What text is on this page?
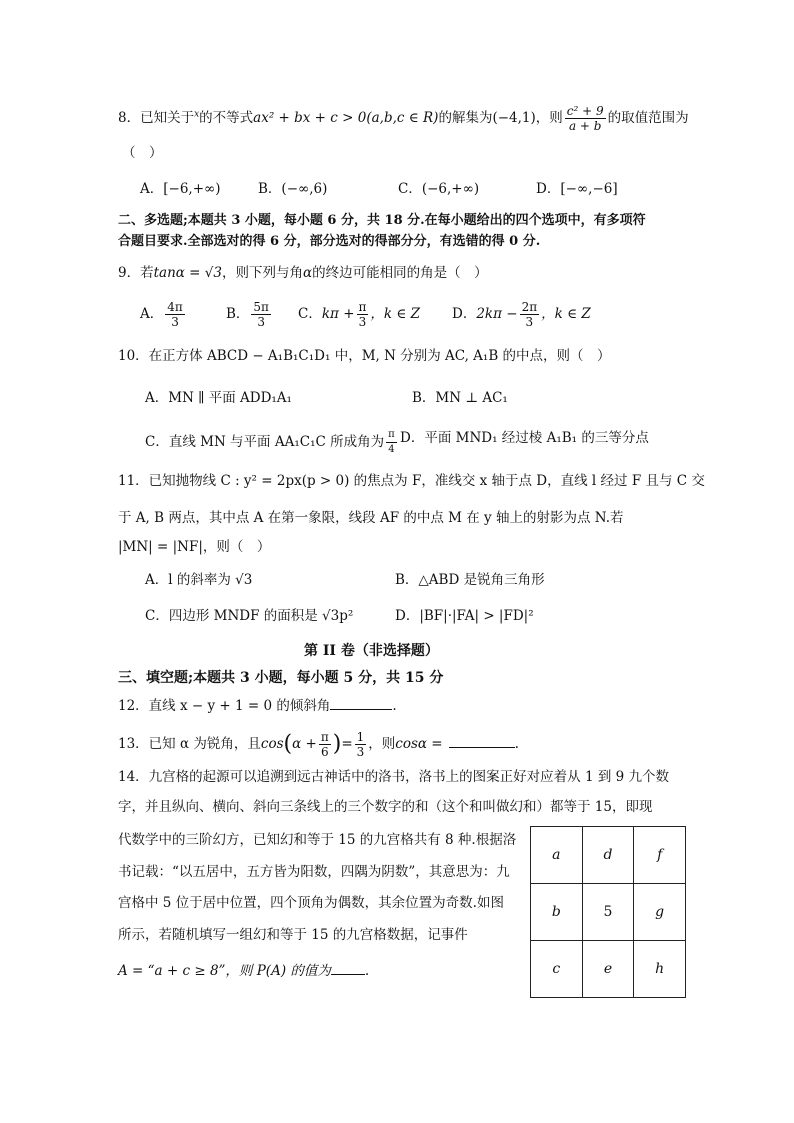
8．已知关于$^x$的不等式ax² + bx + c > 0(a,b,c ∈ R)的解集为(−4,1)，则 $\frac{\text{c² + 9}}{a + b}$ 的取值范围为
（　）
A．[−6,+∞)	B．(−∞,6)	C．(−6,+∞)	D．[−∞,−6]
二、多选题;本题共 3 小题，每小题 6 分，共 18 分.在每小题给出的四个选项中，有多项符
合题目要求.全部选对的得 6 分，部分选对的得部分分，有选错的得 0 分.
9．若tanα = √3，则下列与角α的终边可能相同的角是（　）
A． $\frac{4\pi}{3}$	B． $\frac{5\pi}{3}$ C．$k\pi + \frac{\pi}{3}$ ，k ∈ Z D．$2k\pi - \frac{2\pi}{3}$ ，k ∈ Z
10．在正方体 ABCD − A₁B₁C₁D₁ 中，M, N 分别为 AC, A₁B 的中点，则（　）
A．MN ∥ 平面 ADD₁A₁	B．MN ⊥ AC₁
C．直线 MN 与平面 AA₁C₁C 所成角为 $\frac{\pi}{4}$ D．平面 MND₁ 经过棱 A₁B₁ 的三等分点
11．已知抛物线 C : y² = 2px(p > 0) 的焦点为 F，准线交 x 轴于点 D，直线 l 经过 F 且与 C 交
于 A, B 两点，其中点 A 在第一象限，线段 AF 的中点 M 在 y 轴上的射影为点 N.若
|MN| = |NF|，则（　）
A．l 的斜率为 √3	B．△ABD 是锐角三角形
C．四边形 MNDF 的面积是 √3p²	D．|BF|·|FA| > |FD|²
第 II 卷（非选择题）
三、填空题;本题共 3 小题，每小题 5 分，共 15 分
12．直线 x − y + 1 = 0 的倾斜角	.
13．已知 α 为锐角，且$\cos(\alpha + \frac{\pi}{6}$ )= $\frac{1}{3}$ ，则cosα =	.
14．九宫格的起源可以追溯到远古神话中的洛书，洛书上的图案正好对应着从 1 到 9 九个数
字，并且纵向、横向、斜向三条线上的三个数字的和（这个和叫做幻和）都等于 15，即现
代数学中的三阶幻方，已知幻和等于 15 的九宫格共有 8 种.根据洛
书记载：“以五居中，五方皆为阳数，四隅为阴数”，其意思为：九
宫格中 5 位于居中位置，四个顶角为偶数，其余位置为奇数.如图
所示，若随机填写一组幻和等于 15 的九宫格数据，记事件
A = “a + c ≥ 8”，则 P(A) 的值为	.
a	d	f
b	5	g
c	e	h
